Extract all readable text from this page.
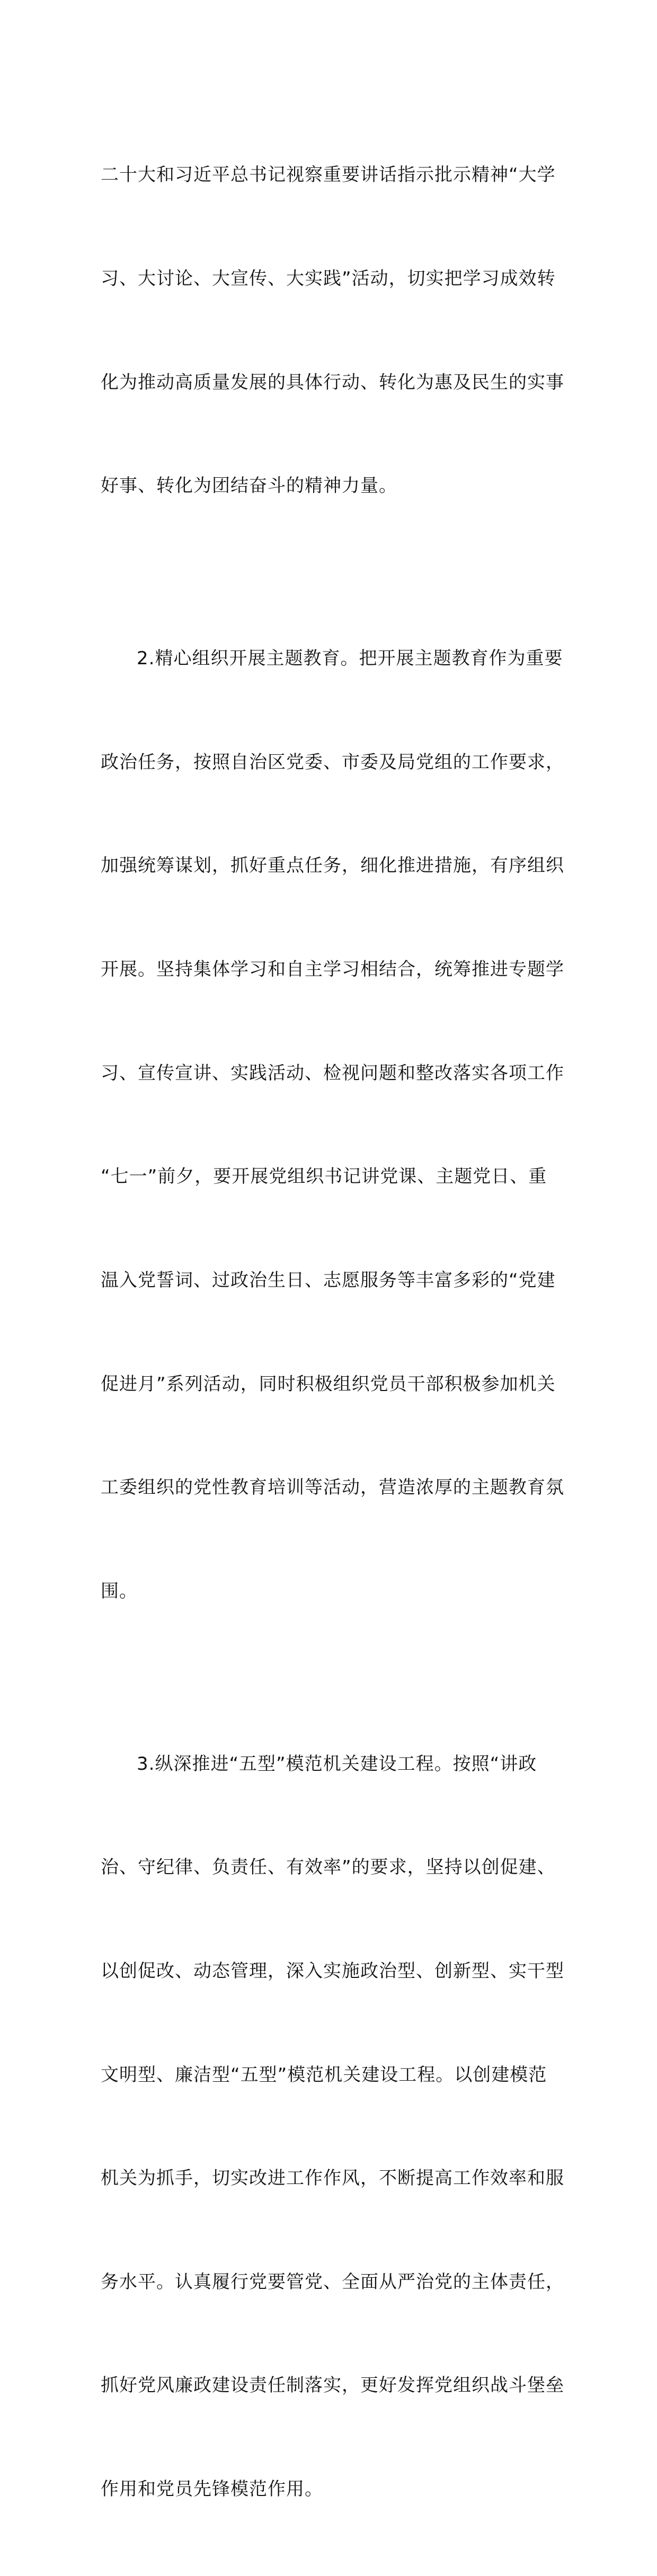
二十大和习近平总书记视察重要讲话指示批示精神“大学

习、大讨论、大宣传、大实践”活动，切实把学习成效转

化为推动高质量发展的具体行动、转化为惠及民生的实事

好事、转化为团结奋斗的精神力量。

2.精心组织开展主题教育。把开展主题教育作为重要

政治任务，按照自治区党委、市委及局党组的工作要求，

加强统筹谋划，抓好重点任务，细化推进措施，有序组织

开展。坚持集体学习和自主学习相结合，统筹推进专题学

习、宣传宣讲、实践活动、检视问题和整改落实各项工作

“七一”前夕，要开展党组织书记讲党课、主题党日、重

温入党誓词、过政治生日、志愿服务等丰富多彩的“党建

促进月”系列活动，同时积极组织党员干部积极参加机关

工委组织的党性教育培训等活动，营造浓厚的主题教育氛

围。

3.纵深推进“五型”模范机关建设工程。按照“讲政

治、守纪律、负责任、有效率”的要求，坚持以创促建、

以创促改、动态管理，深入实施政治型、创新型、实干型

文明型、廉洁型“五型”模范机关建设工程。以创建模范

机关为抓手，切实改进工作作风，不断提高工作效率和服

务水平。认真履行党要管党、全面从严治党的主体责任，

抓好党风廉政建设责任制落实，更好发挥党组织战斗堡垒

作用和党员先锋模范作用。
